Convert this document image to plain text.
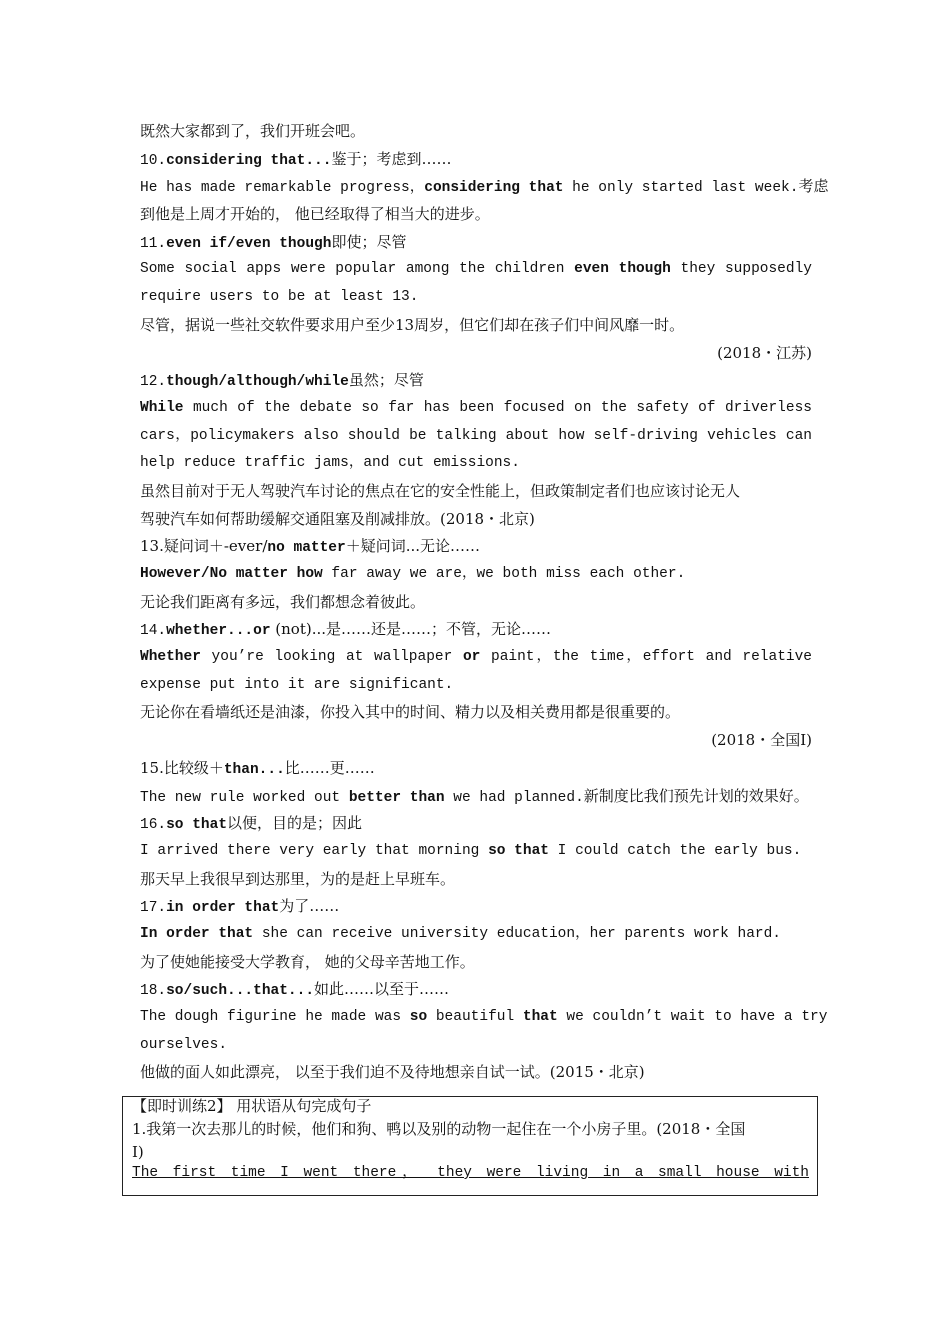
既然大家都到了，我们开班会吧。
10.considering that...鉴于；考虑到……
He has made remarkable progress，considering that he only started last week.考虑
到他是上周才开始的， 他已经取得了相当大的进步。
11.even if/even though即使；尽管
Some social apps were popular among the children even though they supposedly
require users to be at least 13.
尽管，据说一些社交软件要求用户至少13周岁，但它们却在孩子们中间风靡一时。
(2018・江苏)
12.though/although/while虽然；尽管
While much of the debate so far has been focused on the safety of driverless
cars，policymakers also should be talking about how self-driving vehicles can
help reduce traffic jams，and cut emissions.
虽然目前对于无人驾驶汽车讨论的焦点在它的安全性能上，但政策制定者们也应该讨论无人
驾驶汽车如何帮助缓解交通阻塞及削减排放。(2018・北京)
13.疑问词＋-ever/no matter＋疑问词...无论……
However/No matter how far away we are，we both miss each other.
无论我们距离有多远，我们都想念着彼此。
14.whether...or (not)...是……还是……；不管，无论……
Whether you’re looking at wallpaper or paint，the time，effort and relative
expense put into it are significant.
无论你在看墙纸还是油漆，你投入其中的时间、精力以及相关费用都是很重要的。
(2018・全国Ⅰ)
15.比较级＋than...比……更……
The new rule worked out better than we had planned.新制度比我们预先计划的效果好。
16.so that以便，目的是；因此
I arrived there very early that morning so that I could catch the early bus.
那天早上我很早到达那里，为的是赶上早班车。
17.in order that为了……
In order that she can receive university education，her parents work hard.
为了使她能接受大学教育， 她的父母辛苦地工作。
18.so/such...that...如此……以至于……
The dough figurine he made was so beautiful that we couldn’t wait to have a try
ourselves.
他做的面人如此漂亮， 以至于我们迫不及待地想亲自试一试。(2015・北京)
【即时训练2】 用状语从句完成句子
1.我第一次去那儿的时候，他们和狗、鸭以及别的动物一起住在一个小房子里。(2018・全国
Ⅰ)
The first time I went there， they were living in a small house with
